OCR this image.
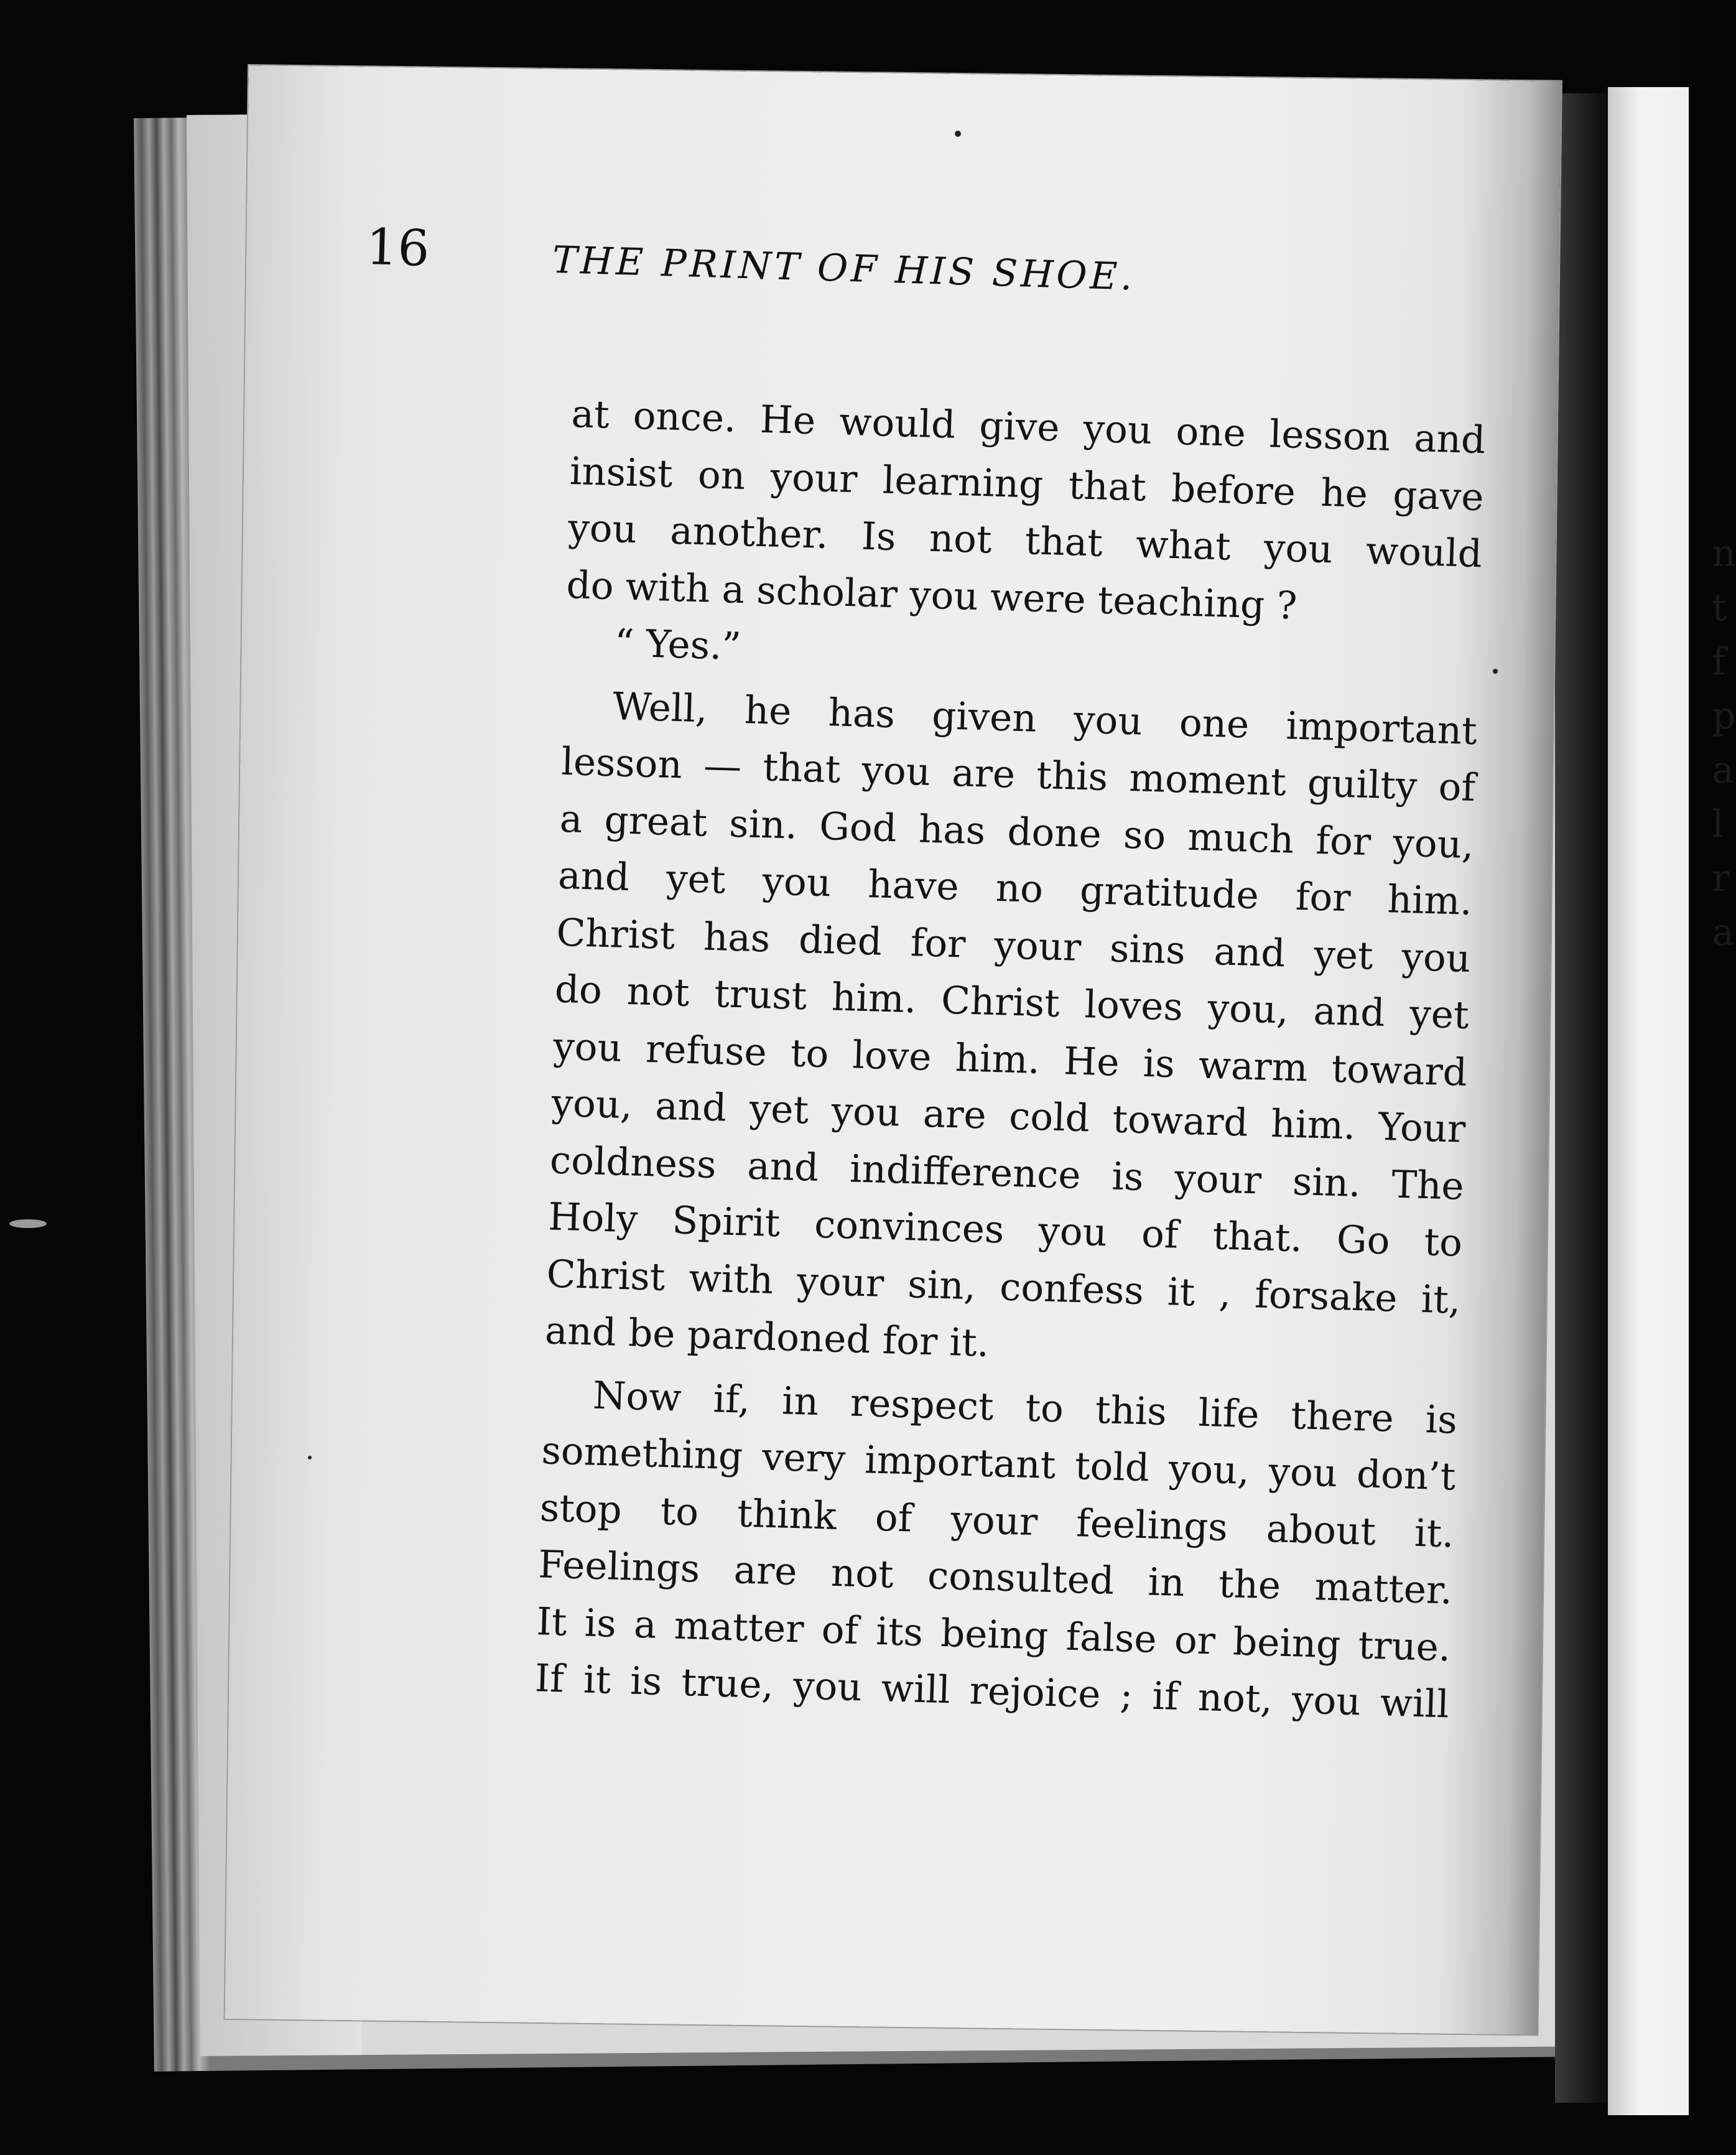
n
t
f
p
a
l
r
a

16	THE PRINT OF HIS SHOE.
at once. He would give you one lesson and
insist on your learning that before he gave
you another. Is not that what you would
do with a scholar you were teaching ?
“ Yes.”
Well, he has given you one important
lesson — that you are this moment guilty of
a great sin. God has done so much for you,
and yet you have no gratitude for him.
Christ has died for your sins and yet you
do not trust him. Christ loves you, and yet
you refuse to love him. He is warm toward
you, and yet you are cold toward him. Your
coldness and indifference is your sin. The
Holy Spirit convinces you of that. Go to
Christ with your sin, confess it , forsake it,
and be pardoned for it.
Now if, in respect to this life there is
something very important told you, you don’t
stop to think of your feelings about it.
Feelings are not consulted in the matter.
It is a matter of its being false or being true.
If it is true, you will rejoice ; if not, you will
